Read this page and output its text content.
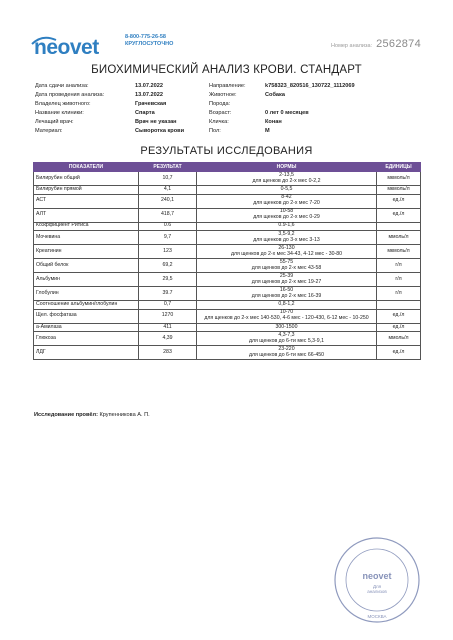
neovet	8-800-775-26-58
КРУГЛОСУТОЧНО	Номер анализа: 2562874
БИОХИМИЧЕСКИЙ АНАЛИЗ КРОВИ. СТАНДАРТ
Дата сдачи анализа:	13.07.2022
Дата проведения анализа:	13.07.2022
Владелец животного:	Грачевская
Название клиники:	Спарта
Лечащий врач:	Врач не указан
Материал:	Сыворотка крови
Направление:	k758323_820516_130722_1112069
Животное:	Собака
Порода:
Возраст:	0 лет 0 месяцев
Кличка:	Конан
Пол:	М
РЕЗУЛЬТАТЫ ИССЛЕДОВАНИЯ
ПОКАЗАТЕЛИ	РЕЗУЛЬТАТ	НОРМЫ	ЕДИНИЦЫ
Билирубин общий	10,7	2-13,5
для щенков до 2-х мес 0-2,2	мкмоль/л
Билирубин прямой	4,1	0-5,5	мкмоль/л
АСТ	240,1	8-42
для щенков до 2-х мес 7-20	ед./л
АЛТ	418,7	10-58
для щенков до 2-х мес 0-29	ед./л
Коэффициент Ритиса	0.6	0.9-1,6	

Мочевина	9,7	3,5-9,2
для щенков до 3-х мес 3-13	ммоль/л
Креатинин	123	26-130
для щенков до 2-х мес 34-43, 4-12 мес - 30-80	мкмоль/л
Общий белок	69,2	55-75
для щенков до 2-х мес 43-58	г/л
Альбумин	29,5	25-39
для щенков до 2-х мес 19-27	г/л
Глобулин	39.7	16-50
для щенков до 2-х мес 16-39	г/л
Соотношение альбумин/глобулин	0,7	0,8-1,2	

Щел. фосфатаза	1270	10-70
для щенков до 2-х мес 140-530, 4-6 мес - 120-430, 6-12 мес - 10-250	ед./л
а-Амилаза	411	300-1500	ед./л
Глюкоза	4,39	4,3-7,3
для щенков до 6-ти мес 5,3-9,1	ммоль/л
ЛДГ	283	23-220
для щенков до 6-ти мес 66-450	ед./л
Исследование провёл: Крупенникова А. П.
neovet
Для
анализов
МОСКВА
